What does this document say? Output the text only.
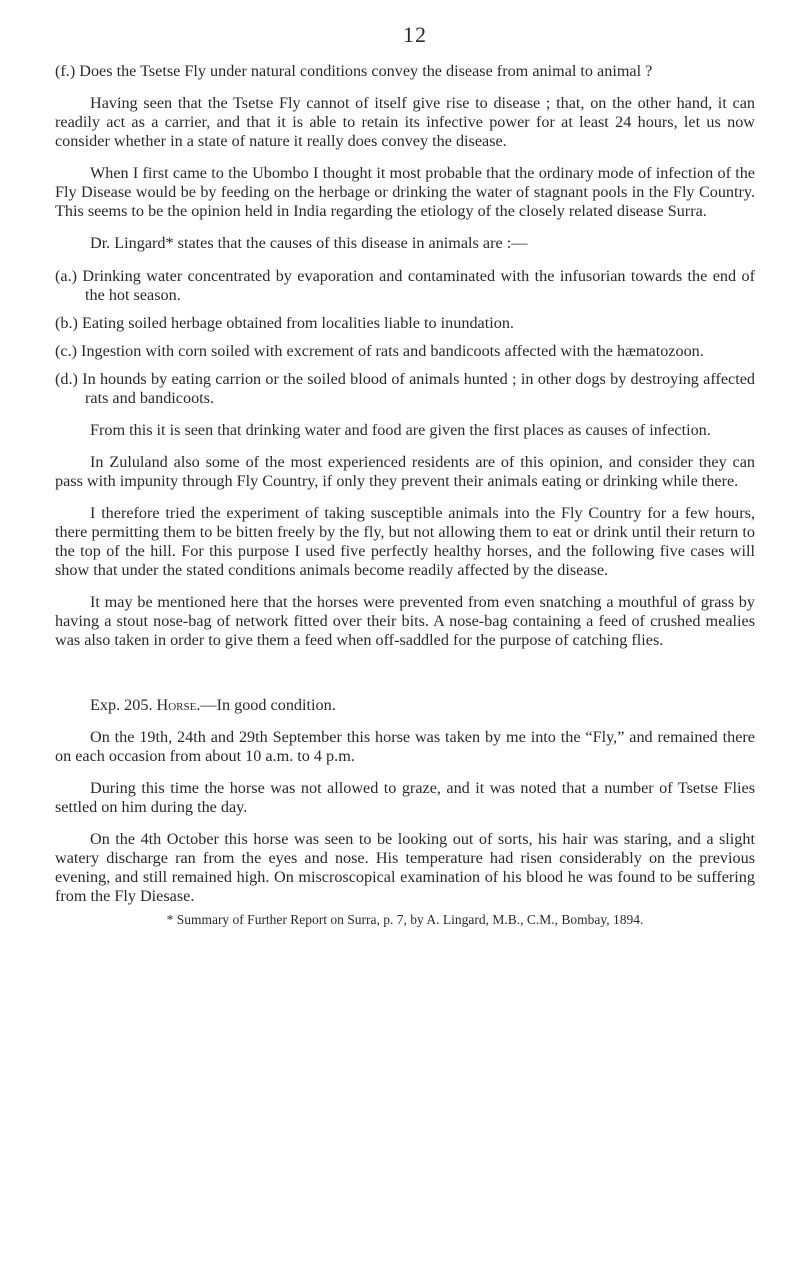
12

(f.) Does the Tsetse Fly under natural conditions convey the disease from animal to animal ?

Having seen that the Tsetse Fly cannot of itself give rise to disease ; that, on the other hand, it can readily act as a carrier, and that it is able to retain its infective power for at least 24 hours, let us now consider whether in a state of nature it really does convey the disease.

When I first came to the Ubombo I thought it most probable that the ordinary mode of infection of the Fly Disease would be by feeding on the herbage or drinking the water of stagnant pools in the Fly Country. This seems to be the opinion held in India regarding the etiology of the closely related disease Surra.

Dr. Lingard* states that the causes of this disease in animals are :—

(a.) Drinking water concentrated by evaporation and contaminated with the infusorian towards the end of the hot season.

(b.) Eating soiled herbage obtained from localities liable to inundation.

(c.) Ingestion with corn soiled with excrement of rats and bandicoots affected with the hæmatozoon.

(d.) In hounds by eating carrion or the soiled blood of animals hunted ; in other dogs by destroying affected rats and bandicoots.

From this it is seen that drinking water and food are given the first places as causes of infection.

In Zululand also some of the most experienced residents are of this opinion, and consider they can pass with impunity through Fly Country, if only they prevent their animals eating or drinking while there.

I therefore tried the experiment of taking susceptible animals into the Fly Country for a few hours, there permitting them to be bitten freely by the fly, but not allowing them to eat or drink until their return to the top of the hill. For this purpose I used five perfectly healthy horses, and the following five cases will show that under the stated conditions animals become readily affected by the disease.

It may be mentioned here that the horses were prevented from even snatching a mouthful of grass by having a stout nose-bag of network fitted over their bits. A nose-bag containing a feed of crushed mealies was also taken in order to give them a feed when off-saddled for the purpose of catching flies.

Exp. 205. Horse.—In good condition.

On the 19th, 24th and 29th September this horse was taken by me into the “Fly,” and remained there on each occasion from about 10 a.m. to 4 p.m.

During this time the horse was not allowed to graze, and it was noted that a number of Tsetse Flies settled on him during the day.

On the 4th October this horse was seen to be looking out of sorts, his hair was staring, and a slight watery discharge ran from the eyes and nose. His temperature had risen considerably on the previous evening, and still remained high. On miscroscopical examination of his blood he was found to be suffering from the Fly Diesase.

* Summary of Further Report on Surra, p. 7, by A. Lingard, M.B., C.M., Bombay, 1894.
